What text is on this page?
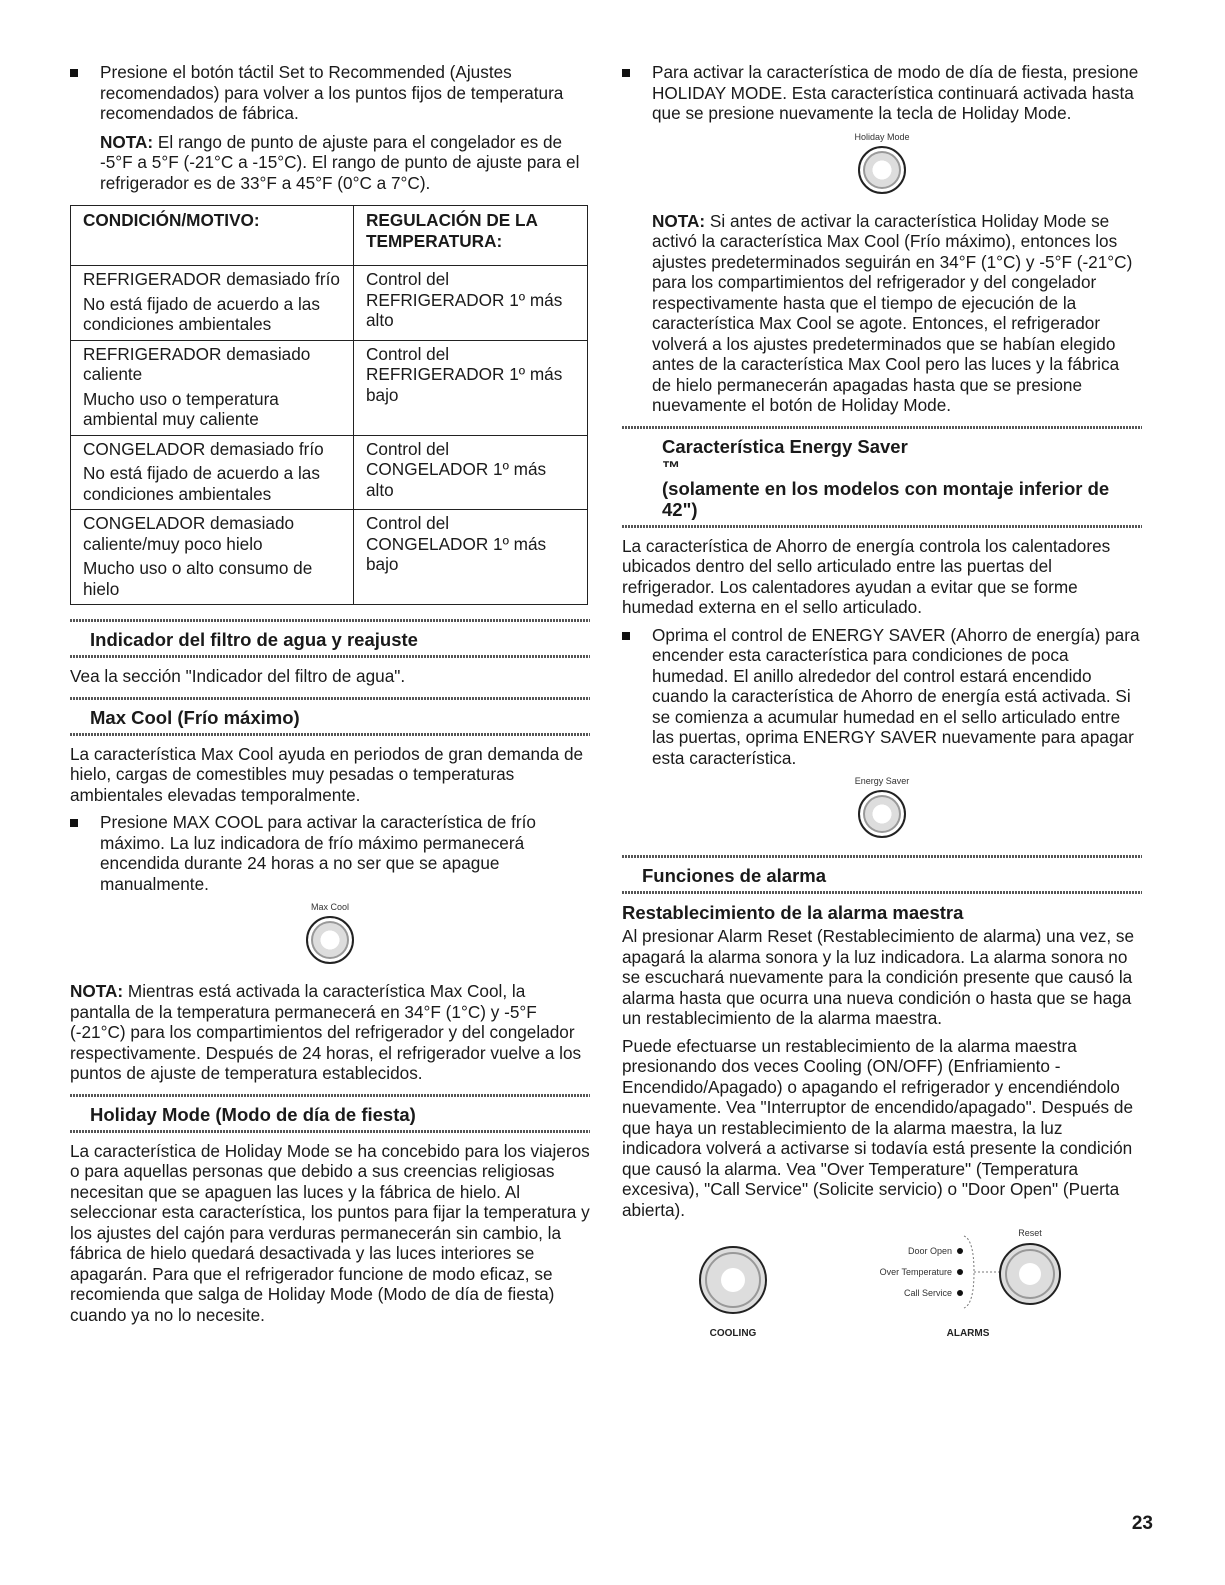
Presione el botón táctil Set to Recommended (Ajustes recomendados) para volver a los puntos fijos de temperatura recomendados de fábrica.

NOTA: El rango de punto de ajuste para el congelador es de -5°F a 5°F (-21°C a -15°C). El rango de punto de ajuste para el refrigerador es de 33°F a 45°F (0°C a 7°C).

CONDICIÓN/MOTIVO:	REGULACIÓN DE LA TEMPERATURA:

REFRIGERADOR demasiado frío
No está fijado de acuerdo a las condiciones ambientales	Control del REFRIGERADOR 1º más alto

REFRIGERADOR demasiado caliente
Mucho uso o temperatura ambiental muy caliente	Control del REFRIGERADOR 1º más bajo

CONGELADOR demasiado frío
No está fijado de acuerdo a las condiciones ambientales	Control del CONGELADOR 1º más alto

CONGELADOR demasiado caliente/muy poco hielo
Mucho uso o alto consumo de hielo	Control del CONGELADOR 1º más bajo
Indicador del filtro de agua y reajuste

Vea la sección "Indicador del filtro de agua".

Max Cool (Frío máximo)

La característica Max Cool ayuda en periodos de gran demanda de hielo, cargas de comestibles muy pesadas o temperaturas ambientales elevadas temporalmente.

Presione MAX COOL para activar la característica de frío máximo. La luz indicadora de frío máximo permanecerá encendida durante 24 horas a no ser que se apague manualmente.

Max Cool

NOTA: Mientras está activada la característica Max Cool, la pantalla de la temperatura permanecerá en 34°F (1°C) y -5°F (-21°C) para los compartimientos del refrigerador y del congelador respectivamente. Después de 24 horas, el refrigerador vuelve a los puntos de ajuste de temperatura establecidos.

Holiday Mode (Modo de día de fiesta)

La característica de Holiday Mode se ha concebido para los viajeros o para aquellas personas que debido a sus creencias religiosas necesitan que se apaguen las luces y la fábrica de hielo. Al seleccionar esta característica, los puntos para fijar la temperatura y los ajustes del cajón para verduras permanecerán sin cambio, la fábrica de hielo quedará desactivada y las luces interiores se apagarán. Para que el refrigerador funcione de modo eficaz, se recomienda que salga de Holiday Mode (Modo de día de fiesta) cuando ya no lo necesite.

Para activar la característica de modo de día de fiesta, presione HOLIDAY MODE. Esta característica continuará activada hasta que se presione nuevamente la tecla de Holiday Mode.

Holiday Mode

NOTA: Si antes de activar la característica Holiday Mode se activó la característica Max Cool (Frío máximo), entonces los ajustes predeterminados seguirán en 34°F (1°C) y -5°F (-21°C) para los compartimientos del refrigerador y del congelador respectivamente hasta que el tiempo de ejecución de la característica Max Cool se agote. Entonces, el refrigerador volverá a los ajustes predeterminados que se habían elegido antes de la característica Max Cool pero las luces y la fábrica de hielo permanecerán apagadas hasta que se presione nuevamente el botón de Holiday Mode.

Característica Energy Saver
™
(solamente en los modelos con montaje inferior de 42")

La característica de Ahorro de energía controla los calentadores ubicados dentro del sello articulado entre las puertas del refrigerador. Los calentadores ayudan a evitar que se forme humedad externa en el sello articulado.

Oprima el control de ENERGY SAVER (Ahorro de energía) para encender esta característica para condiciones de poca humedad. El anillo alrededor del control estará encendido cuando la característica de Ahorro de energía está activada. Si se comienza a acumular humedad en el sello articulado entre las puertas, oprima ENERGY SAVER nuevamente para apagar esta característica.

Energy Saver
Funciones de alarma
Restablecimiento de la alarma maestra

Al presionar Alarm Reset (Restablecimiento de alarma) una vez, se apagará la alarma sonora y la luz indicadora. La alarma sonora no se escuchará nuevamente para la condición presente que causó la alarma hasta que ocurra una nueva condición o hasta que se haga un restablecimiento de la alarma maestra.

Puede efectuarse un restablecimiento de la alarma maestra presionando dos veces Cooling (ON/OFF) (Enfriamiento - Encendido/Apagado) o apagando el refrigerador y encendiéndolo nuevamente. Vea "Interruptor de encendido/apagado". Después de que haya un restablecimiento de la alarma maestra, la luz indicadora volverá a activarse si todavía está presente la condición que causó la alarma. Vea "Over Temperature" (Temperatura excesiva), "Call Service" (Solicite servicio) o "Door Open" (Puerta abierta).

COOLING
Door Open
Over Temperature
Call Service
Reset
ALARMS
23
